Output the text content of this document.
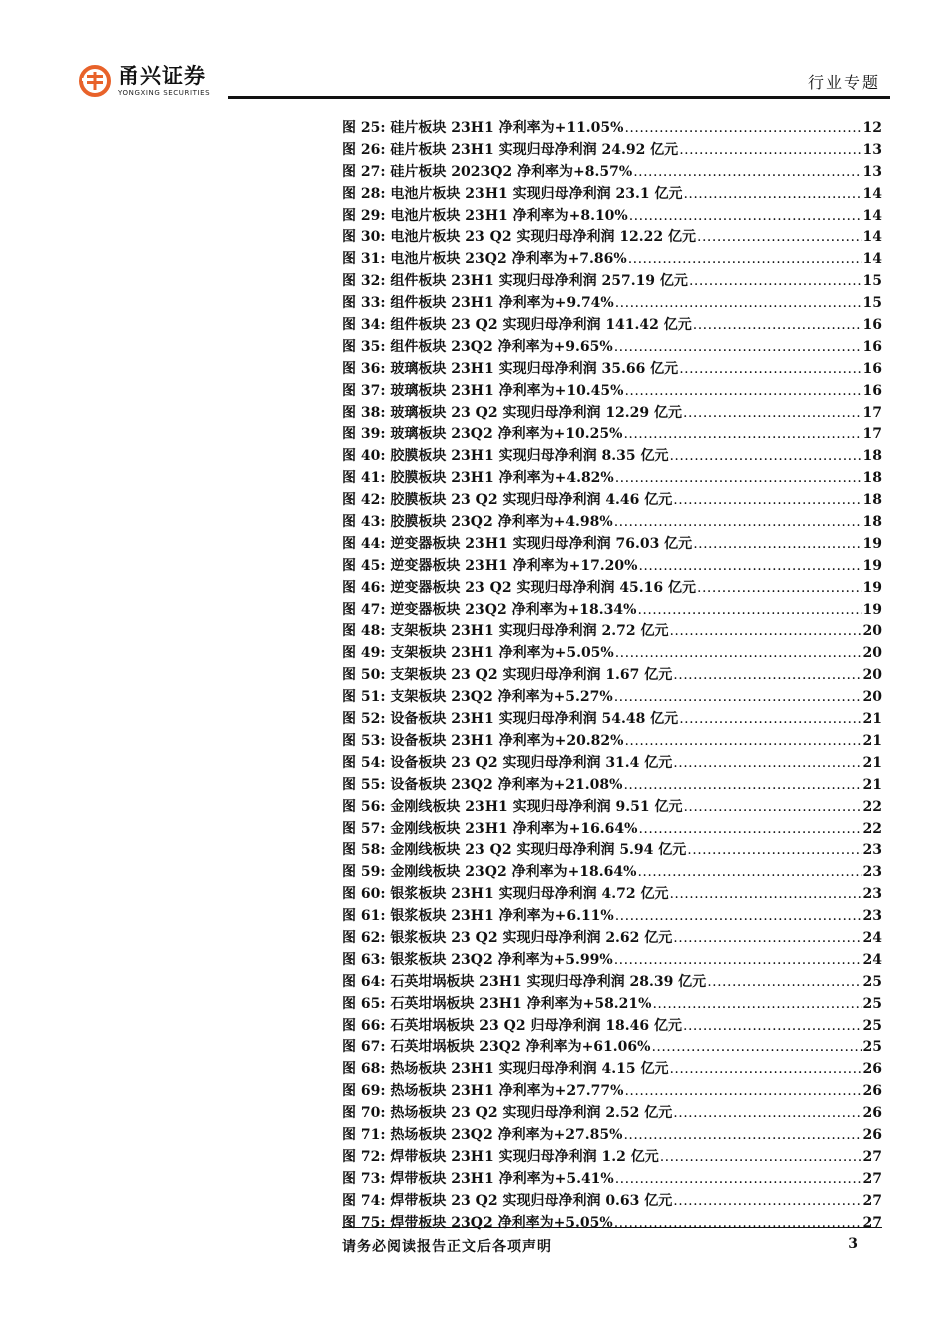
甬兴证券
YONGXING SECURITIES
行业专题
图 25: 硅片板块 23H1 净利率为+11.05% .....	12
图 26: 硅片板块 23H1 实现归母净利润 24.92 亿元 .....	13
图 27: 硅片板块 2023Q2 净利率为+8.57% .....	13
图 28: 电池片板块 23H1 实现归母净利润 23.1 亿元 .....	14
图 29: 电池片板块 23H1 净利率为+8.10% .....	14
图 30: 电池片板块 23 Q2 实现归母净利润 12.22 亿元 .....	14
图 31: 电池片板块 23Q2 净利率为+7.86% .....	14
图 32: 组件板块 23H1 实现归母净利润 257.19 亿元 .....	15
图 33: 组件板块 23H1 净利率为+9.74% .....	15
图 34: 组件板块 23 Q2 实现归母净利润 141.42 亿元 .....	16
图 35: 组件板块 23Q2 净利率为+9.65% .....	16
图 36: 玻璃板块 23H1 实现归母净利润 35.66 亿元 .....	16
图 37: 玻璃板块 23H1 净利率为+10.45% .....	16
图 38: 玻璃板块 23 Q2 实现归母净利润 12.29 亿元 .....	17
图 39: 玻璃板块 23Q2 净利率为+10.25% .....	17
图 40: 胶膜板块 23H1 实现归母净利润 8.35 亿元 .....	18
图 41: 胶膜板块 23H1 净利率为+4.82% .....	18
图 42: 胶膜板块 23 Q2 实现归母净利润 4.46 亿元 .....	18
图 43: 胶膜板块 23Q2 净利率为+4.98% .....	18
图 44: 逆变器板块 23H1 实现归母净利润 76.03 亿元 .....	19
图 45: 逆变器板块 23H1 净利率为+17.20% .....	19
图 46: 逆变器板块 23 Q2 实现归母净利润 45.16 亿元 .....	19
图 47: 逆变器板块 23Q2 净利率为+18.34% .....	19
图 48: 支架板块 23H1 实现归母净利润 2.72 亿元 .....	20
图 49: 支架板块 23H1 净利率为+5.05% .....	20
图 50: 支架板块 23 Q2 实现归母净利润 1.67 亿元 .....	20
图 51: 支架板块 23Q2 净利率为+5.27% .....	20
图 52: 设备板块 23H1 实现归母净利润 54.48 亿元 .....	21
图 53: 设备板块 23H1 净利率为+20.82% .....	21
图 54: 设备板块 23 Q2 实现归母净利润 31.4 亿元 .....	21
图 55: 设备板块 23Q2 净利率为+21.08% .....	21
图 56: 金刚线板块 23H1 实现归母净利润 9.51 亿元 .....	22
图 57: 金刚线板块 23H1 净利率为+16.64% .....	22
图 58: 金刚线板块 23 Q2 实现归母净利润 5.94 亿元 .....	23
图 59: 金刚线板块 23Q2 净利率为+18.64% .....	23
图 60: 银浆板块 23H1 实现归母净利润 4.72 亿元 .....	23
图 61: 银浆板块 23H1 净利率为+6.11% .....	23
图 62: 银浆板块 23 Q2 实现归母净利润 2.62 亿元 .....	24
图 63: 银浆板块 23Q2 净利率为+5.99% .....	24
图 64: 石英坩埚板块 23H1 实现归母净利润 28.39 亿元 .....	25
图 65: 石英坩埚板块 23H1 净利率为+58.21% .....	25
图 66: 石英坩埚板块 23 Q2 归母净利润 18.46 亿元 .....	25
图 67: 石英坩埚板块 23Q2 净利率为+61.06% .....	25
图 68: 热场板块 23H1 实现归母净利润 4.15 亿元 .....	26
图 69: 热场板块 23H1 净利率为+27.77% .....	26
图 70: 热场板块 23 Q2 实现归母净利润 2.52 亿元 .....	26
图 71: 热场板块 23Q2 净利率为+27.85% .....	26
图 72: 焊带板块 23H1 实现归母净利润 1.2 亿元 .....	27
图 73: 焊带板块 23H1 净利率为+5.41% .....	27
图 74: 焊带板块 23 Q2 实现归母净利润 0.63 亿元 .....	27
图 75: 焊带板块 23Q2 净利率为+5.05% .....	27
请务必阅读报告正文后各项声明	3
